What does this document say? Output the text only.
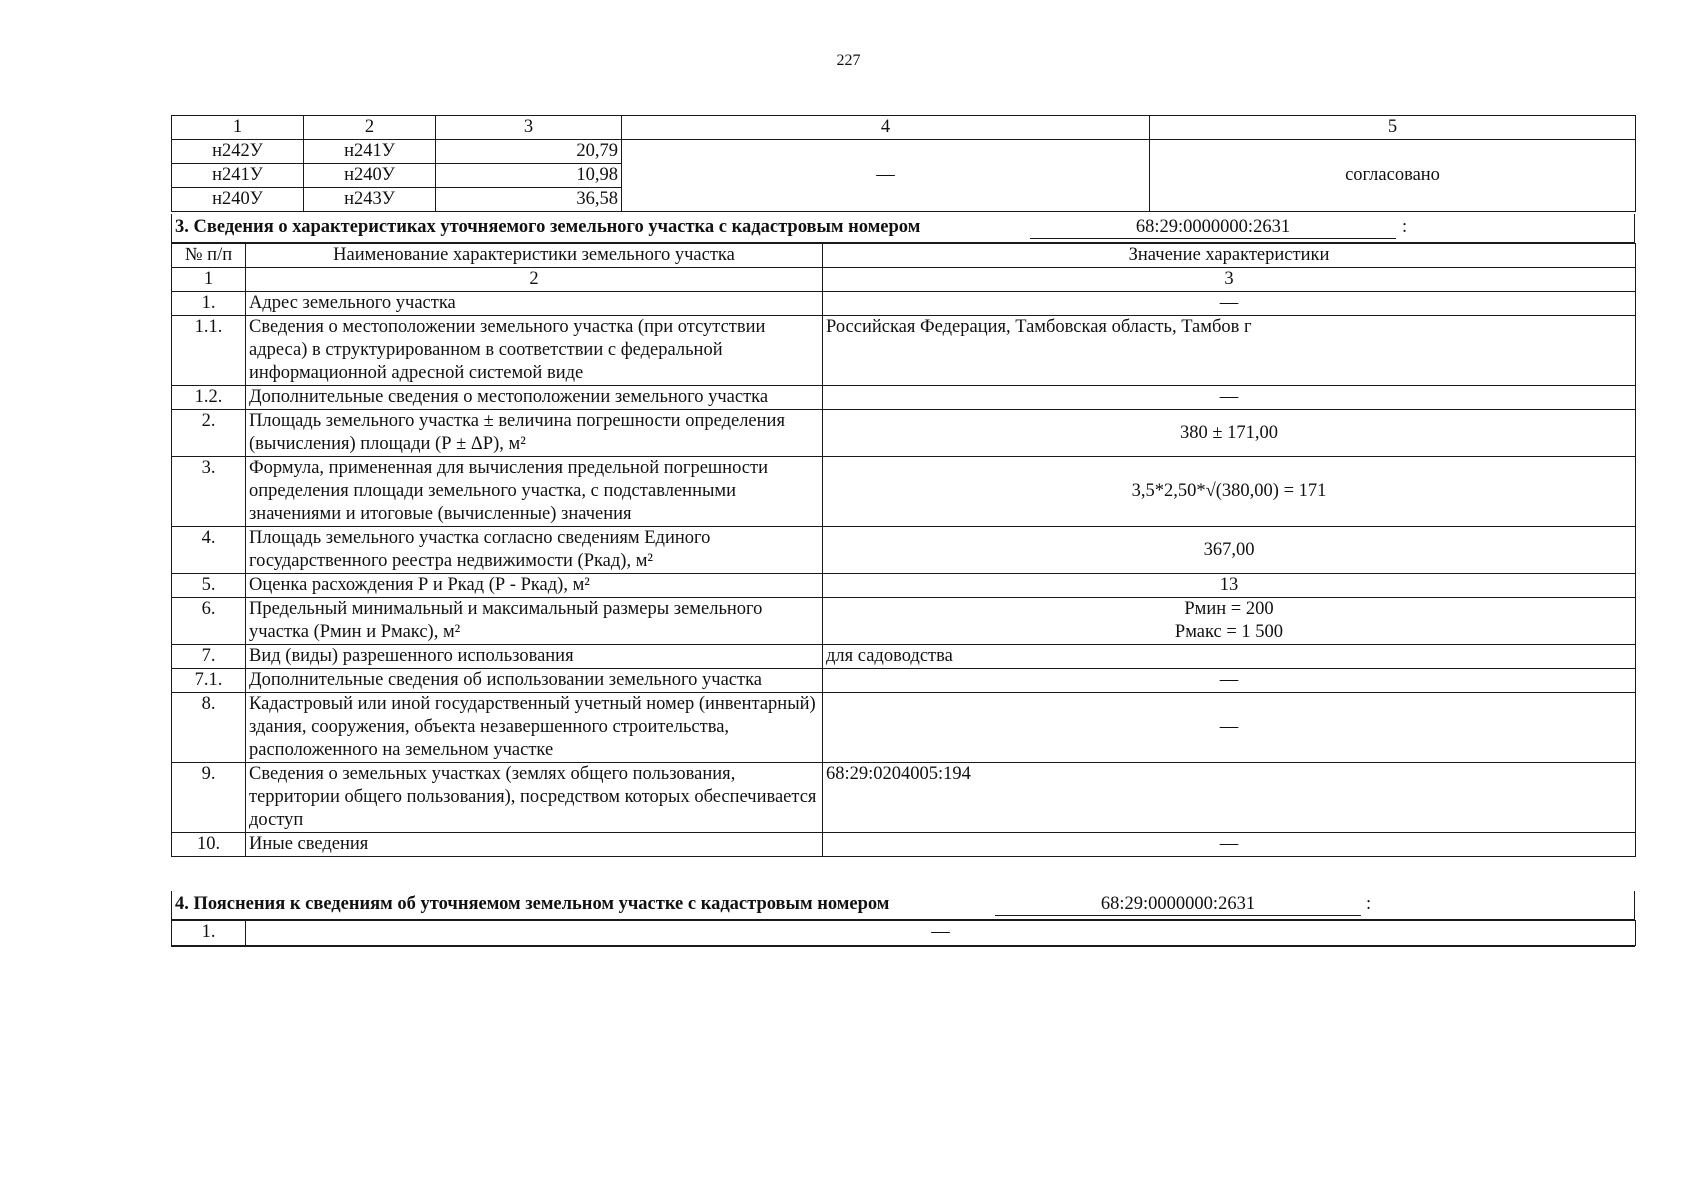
227
1	2	3	4	5
н242У	н241У	20,79	—	согласовано
н241У	н240У	10,98		
н240У	н243У	36,58		
3. Сведения о характеристиках уточняемого земельного участка с кадастровым номером	68:29:0000000:2631	:
№ п/п	Наименование характеристики земельного участка	Значение характеристики
1	2	3
1.	Адрес земельного участка	—
1.1.	Сведения о местоположении земельного участка (при отсутствии адреса) в структурированном в соответствии с федеральной информационной адресной системой виде	Российская Федерация, Тамбовская область, Тамбов г
1.2.	Дополнительные сведения о местоположении земельного участка	—
2.	Площадь земельного участка ± величина погрешности определения (вычисления) площади (Р ± ΔР), м²	380 ± 171,00
3.	Формула, примененная для вычисления предельной погрешности определения площади земельного участка, с подставленными значениями и итоговые (вычисленные) значения	3,5*2,50*√(380,00) = 171
4.	Площадь земельного участка согласно сведениям Единого государственного реестра недвижимости (Ркад), м²	367,00
5.	Оценка расхождения Р и Ркад (Р - Ркад), м²	13
6.	Предельный минимальный и максимальный размеры земельного участка (Рмин и Рмакс), м²	Рмин = 200
Рмакс = 1 500

7.	Вид (виды) разрешенного использования	для садоводства
7.1.	Дополнительные сведения об использовании земельного участка	—
8.	Кадастровый или иной государственный учетный номер (инвентарный) здания, сооружения, объекта незавершенного строительства, расположенного на земельном участке	—
9.	Сведения о земельных участках (землях общего пользования, территории общего пользования), посредством которых обеспечивается доступ	68:29:0204005:194
10.	Иные сведения	—
4. Пояснения к сведениям об уточняемом земельном участке с кадастровым номером	68:29:0000000:2631	:
1.	—
